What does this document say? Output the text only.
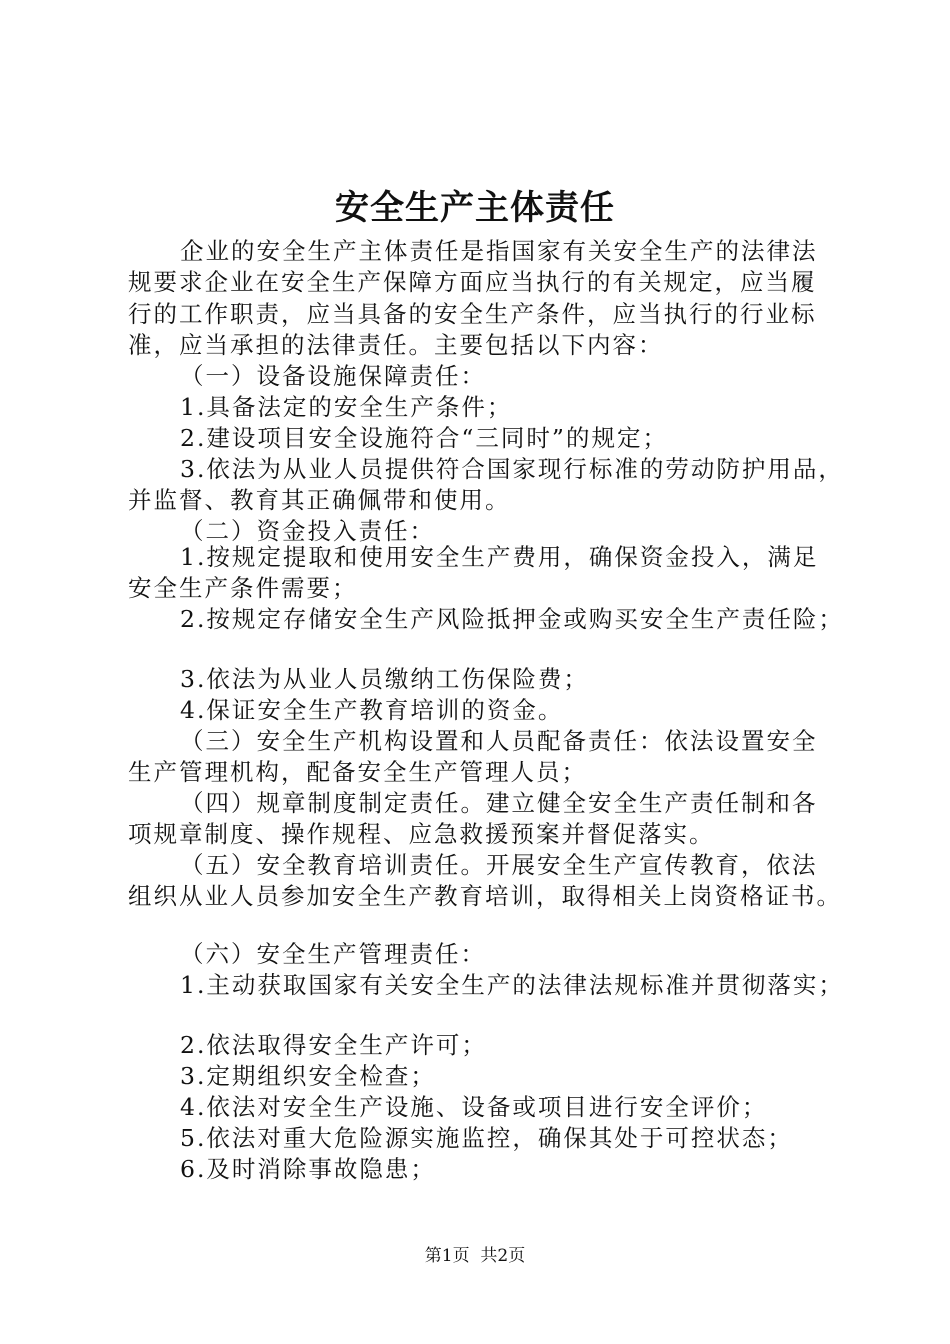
安全生产主体责任
企业的安全生产主体责任是指国家有关安全生产的法律法
规要求企业在安全生产保障方面应当执行的有关规定，应当履
行的工作职责，应当具备的安全生产条件，应当执行的行业标
准，应当承担的法律责任。主要包括以下内容：
（一）设备设施保障责任：
1.具备法定的安全生产条件；
2.建设项目安全设施符合“三同时”的规定；
3.依法为从业人员提供符合国家现行标准的劳动防护用品，
并监督、教育其正确佩带和使用。
（二）资金投入责任：
1.按规定提取和使用安全生产费用，确保资金投入，满足
安全生产条件需要；
2.按规定存储安全生产风险抵押金或购买安全生产责任险；
3.依法为从业人员缴纳工伤保险费；
4.保证安全生产教育培训的资金。
（三）安全生产机构设置和人员配备责任：依法设置安全
生产管理机构，配备安全生产管理人员；
（四）规章制度制定责任。建立健全安全生产责任制和各
项规章制度、操作规程、应急救援预案并督促落实。
（五）安全教育培训责任。开展安全生产宣传教育，依法
组织从业人员参加安全生产教育培训，取得相关上岗资格证书。
（六）安全生产管理责任：
1.主动获取国家有关安全生产的法律法规标准并贯彻落实；
2.依法取得安全生产许可；
3.定期组织安全检查；
4.依法对安全生产设施、设备或项目进行安全评价；
5.依法对重大危险源实施监控，确保其处于可控状态；
6.及时消除事故隐患；
第1页  共2页
